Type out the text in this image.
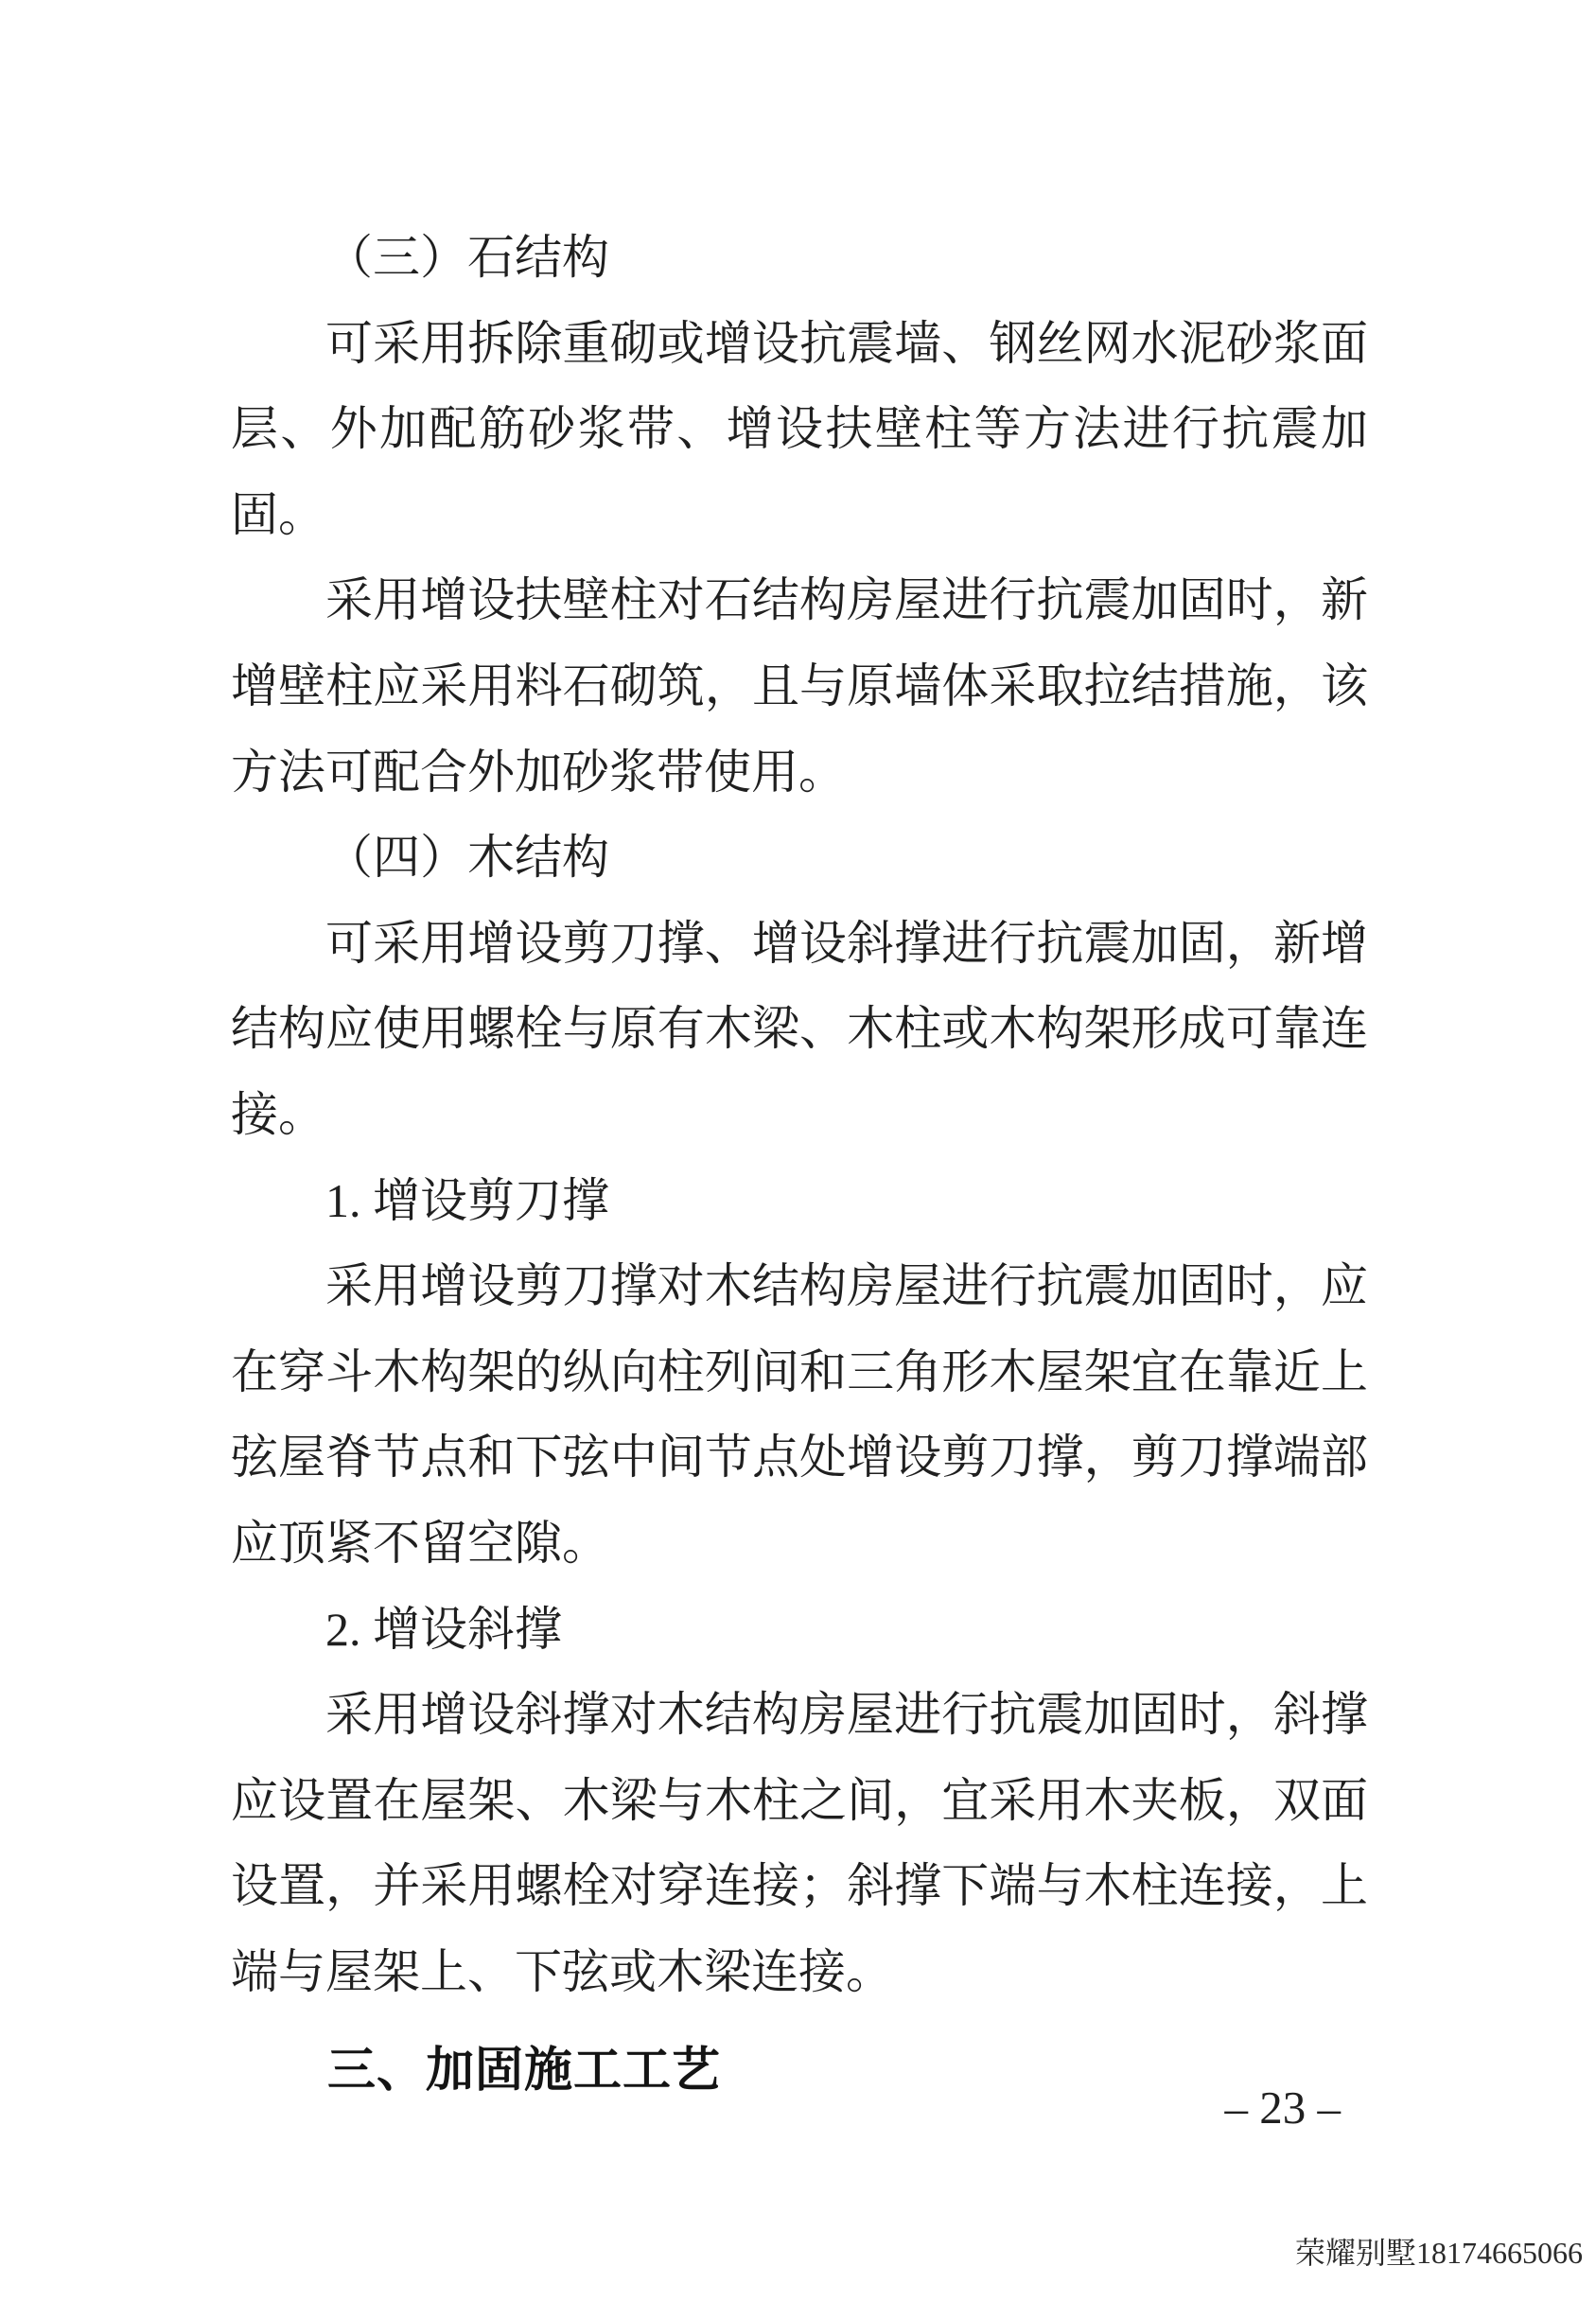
（三）石结构
可采用拆除重砌或增设抗震墙、钢丝网水泥砂浆面
层、外加配筋砂浆带、增设扶壁柱等方法进行抗震加
固。
采用增设扶壁柱对石结构房屋进行抗震加固时，新
增壁柱应采用料石砌筑，且与原墙体采取拉结措施，该
方法可配合外加砂浆带使用。
（四）木结构
可采用增设剪刀撑、增设斜撑进行抗震加固，新增
结构应使用螺栓与原有木梁、木柱或木构架形成可靠连
接。
1. 增设剪刀撑
采用增设剪刀撑对木结构房屋进行抗震加固时，应
在穿斗木构架的纵向柱列间和三角形木屋架宜在靠近上
弦屋脊节点和下弦中间节点处增设剪刀撑，剪刀撑端部
应顶紧不留空隙。
2. 增设斜撑
采用增设斜撑对木结构房屋进行抗震加固时，斜撑
应设置在屋架、木梁与木柱之间，宜采用木夹板，双面
设置，并采用螺栓对穿连接；斜撑下端与木柱连接，上
端与屋架上、下弦或木梁连接。
三、加固施工工艺
– 23 –
荣耀别墅18174665066
